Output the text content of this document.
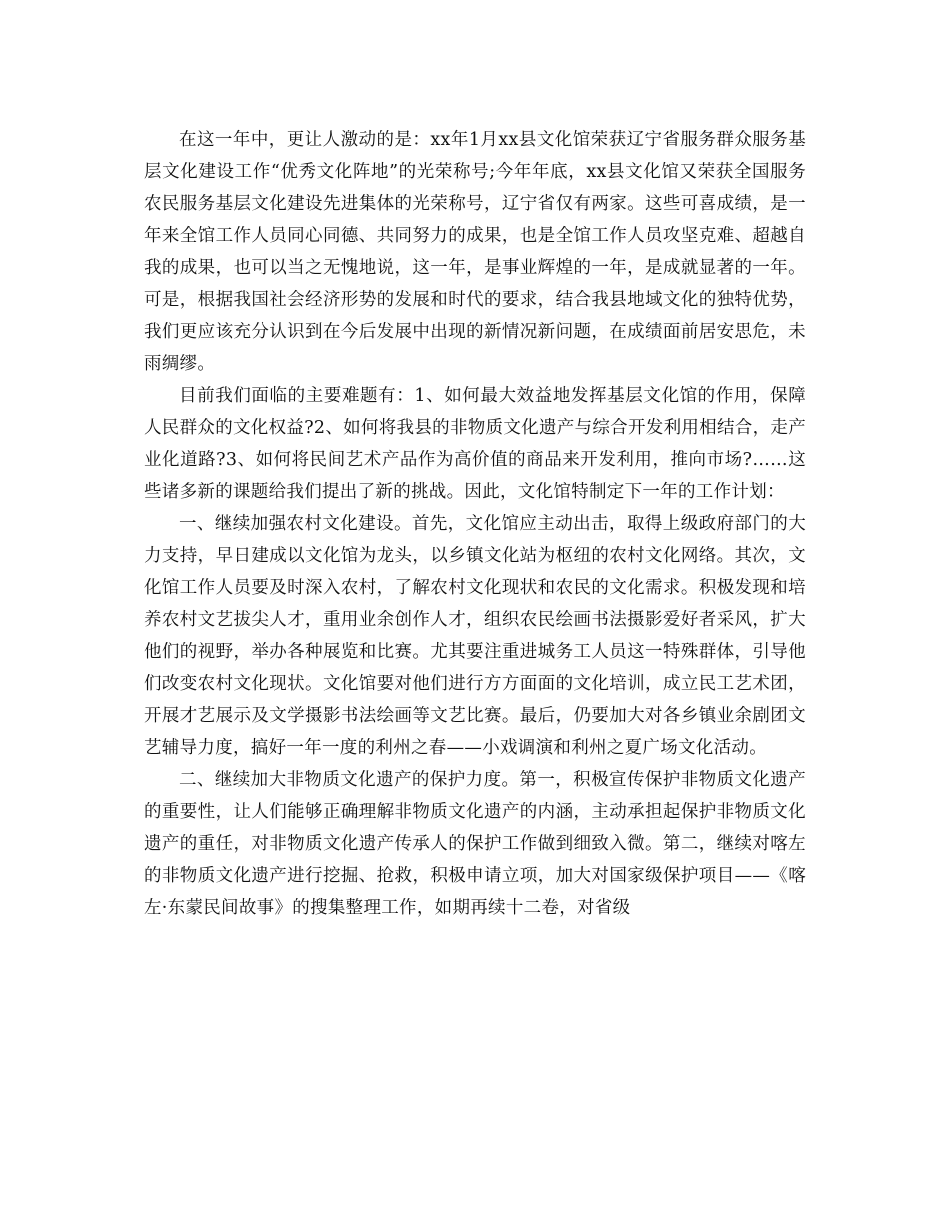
在这一年中，更让人激动的是：xx年1月xx县文化馆荣获辽宁省服务群众服务基层文化建设工作“优秀文化阵地”的光荣称号;今年年底，xx县文化馆又荣获全国服务农民服务基层文化建设先进集体的光荣称号，辽宁省仅有两家。这些可喜成绩，是一年来全馆工作人员同心同德、共同努力的成果，也是全馆工作人员攻坚克难、超越自我的成果，也可以当之无愧地说，这一年，是事业辉煌的一年，是成就显著的一年。可是，根据我国社会经济形势的发展和时代的要求，结合我县地域文化的独特优势，我们更应该充分认识到在今后发展中出现的新情况新问题，在成绩面前居安思危，未雨绸缪。

目前我们面临的主要难题有：1、如何最大效益地发挥基层文化馆的作用，保障人民群众的文化权益?2、如何将我县的非物质文化遗产与综合开发利用相结合，走产业化道路?3、如何将民间艺术产品作为高价值的商品来开发利用，推向市场?……这些诸多新的课题给我们提出了新的挑战。因此，文化馆特制定下一年的工作计划：

一、继续加强农村文化建设。首先，文化馆应主动出击，取得上级政府部门的大力支持，早日建成以文化馆为龙头，以乡镇文化站为枢纽的农村文化网络。其次，文化馆工作人员要及时深入农村，了解农村文化现状和农民的文化需求。积极发现和培养农村文艺拔尖人才，重用业余创作人才，组织农民绘画书法摄影爱好者采风，扩大他们的视野，举办各种展览和比赛。尤其要注重进城务工人员这一特殊群体，引导他们改变农村文化现状。文化馆要对他们进行方方面面的文化培训，成立民工艺术团，开展才艺展示及文学摄影书法绘画等文艺比赛。最后，仍要加大对各乡镇业余剧团文艺辅导力度，搞好一年一度的利州之春——小戏调演和利州之夏广场文化活动。

二、继续加大非物质文化遗产的保护力度。第一，积极宣传保护非物质文化遗产的重要性，让人们能够正确理解非物质文化遗产的内涵，主动承担起保护非物质文化遗产的重任，对非物质文化遗产传承人的保护工作做到细致入微。第二，继续对喀左的非物质文化遗产进行挖掘、抢救，积极申请立项，加大对国家级保护项目——《喀左·东蒙民间故事》的搜集整理工作，如期再续十二卷，对省级
